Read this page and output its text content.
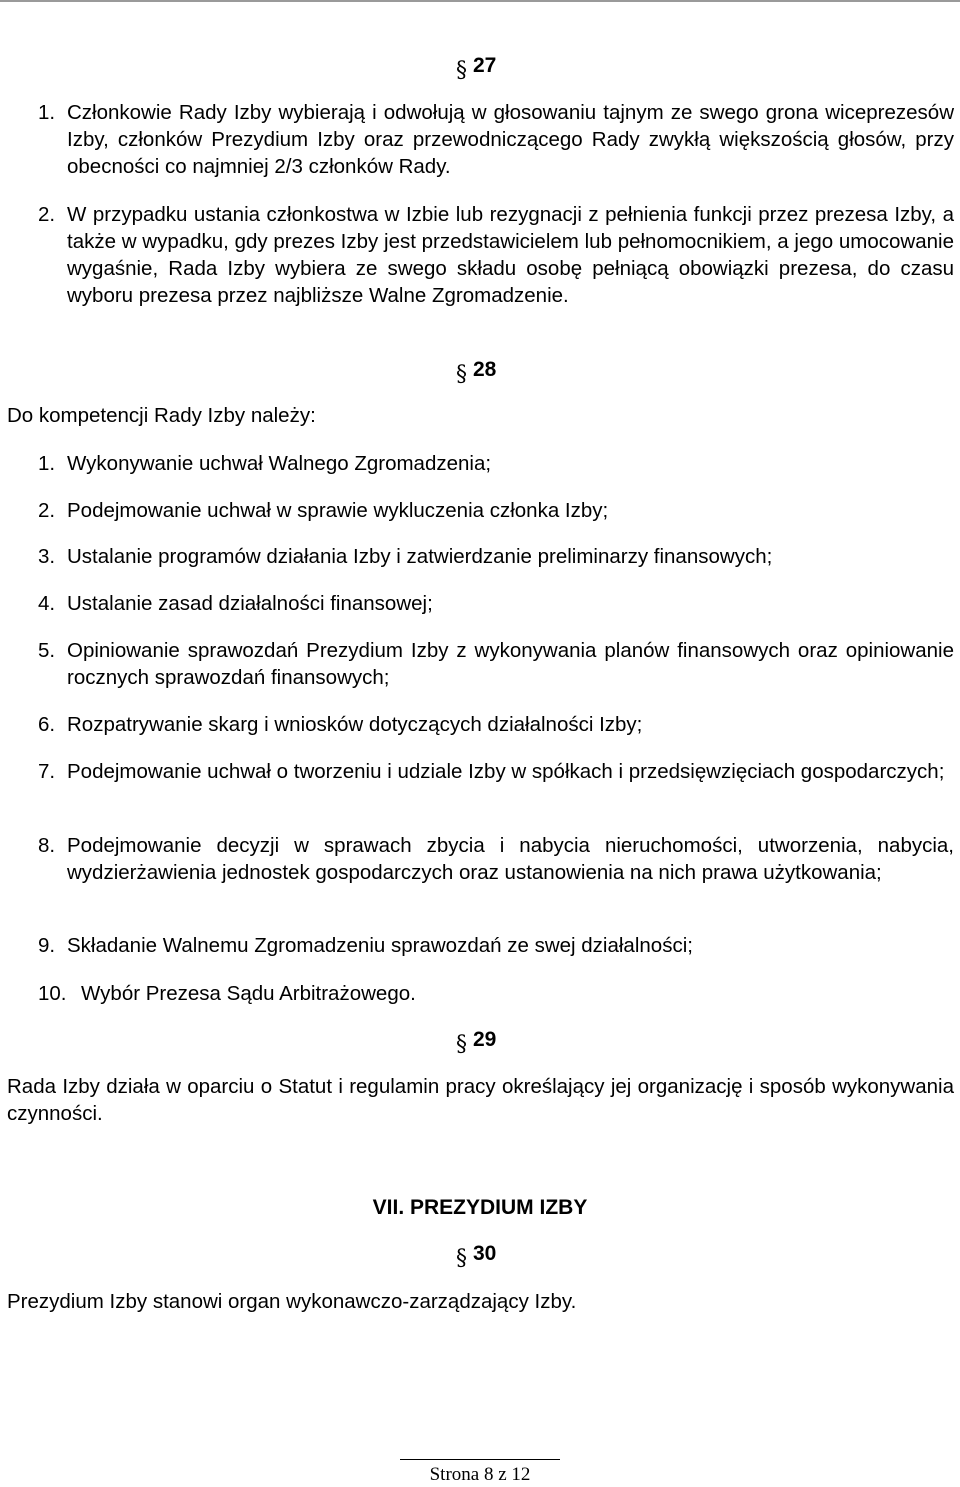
§ 27
1. Członkowie Rady Izby wybierają i odwołują w głosowaniu tajnym ze swego grona wiceprezesów Izby, członków Prezydium Izby oraz przewodniczącego Rady zwykłą większością głosów, przy obecności co najmniej 2/3 członków Rady.
2. W przypadku ustania członkostwa w Izbie lub rezygnacji z pełnienia funkcji przez prezesa Izby, a także w wypadku, gdy prezes Izby jest przedstawicielem lub pełnomocnikiem, a jego umocowanie wygaśnie, Rada Izby wybiera ze swego składu osobę pełniącą obowiązki prezesa, do czasu wyboru prezesa przez najbliższe Walne Zgromadzenie.
§ 28
Do kompetencji Rady Izby należy:
1. Wykonywanie uchwał Walnego Zgromadzenia;
2. Podejmowanie uchwał w sprawie wykluczenia członka Izby;
3. Ustalanie programów działania Izby i zatwierdzanie preliminarzy finansowych;
4. Ustalanie zasad działalności finansowej;
5. Opiniowanie sprawozdań Prezydium Izby z wykonywania planów finansowych oraz opiniowanie rocznych sprawozdań finansowych;
6. Rozpatrywanie skarg i wniosków dotyczących działalności Izby;
7. Podejmowanie uchwał o tworzeniu i udziale Izby w spółkach i przedsięwzięciach gospodarczych;
8. Podejmowanie decyzji w sprawach zbycia i nabycia nieruchomości, utworzenia, nabycia, wydzierżawienia jednostek gospodarczych oraz ustanowienia na nich prawa użytkowania;
9. Składanie Walnemu Zgromadzeniu sprawozdań ze swej działalności;
10. Wybór Prezesa Sądu Arbitrażowego.
§ 29
Rada Izby działa w oparciu o Statut i regulamin pracy określający jej organizację i sposób wykonywania czynności.
VII. PREZYDIUM IZBY
§ 30
Prezydium Izby stanowi organ wykonawczo-zarządzający Izby.
Strona 8 z 12
